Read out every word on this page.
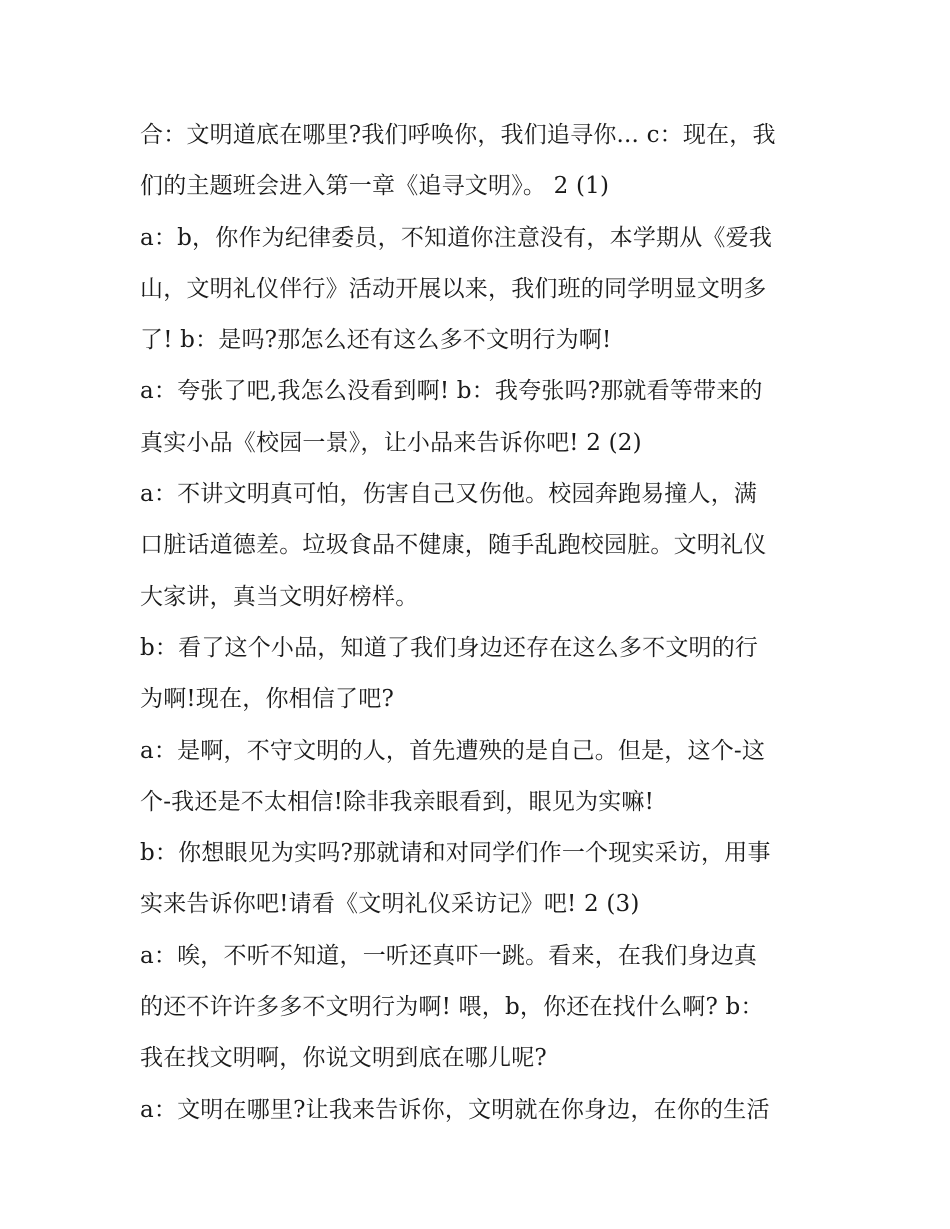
合：文明道底在哪里?我们呼唤你，我们追寻你... c：现在，我
们的主题班会进入第一章《追寻文明》。 2 (1)
a：b，你作为纪律委员，不知道你注意没有，本学期从《爱我
山，文明礼仪伴行》活动开展以来，我们班的同学明显文明多
了! b：是吗?那怎么还有这么多不文明行为啊!
a：夸张了吧,我怎么没看到啊! b：我夸张吗?那就看等带来的
真实小品《校园一景》，让小品来告诉你吧! 2 (2)
a：不讲文明真可怕，伤害自己又伤他。校园奔跑易撞人，满
口脏话道德差。垃圾食品不健康，随手乱跑校园脏。文明礼仪
大家讲，真当文明好榜样。
b：看了这个小品，知道了我们身边还存在这么多不文明的行
为啊!现在，你相信了吧?
a：是啊，不守文明的人，首先遭殃的是自己。但是，这个-这
个-我还是不太相信!除非我亲眼看到，眼见为实嘛!
b：你想眼见为实吗?那就请和对同学们作一个现实采访，用事
实来告诉你吧!请看《文明礼仪采访记》吧! 2 (3)
a：唉，不听不知道，一听还真吓一跳。看来，在我们身边真
的还不许许多多不文明行为啊! 喂，b，你还在找什么啊? b：
我在找文明啊，你说文明到底在哪儿呢?
a：文明在哪里?让我来告诉你，文明就在你身边，在你的生活
